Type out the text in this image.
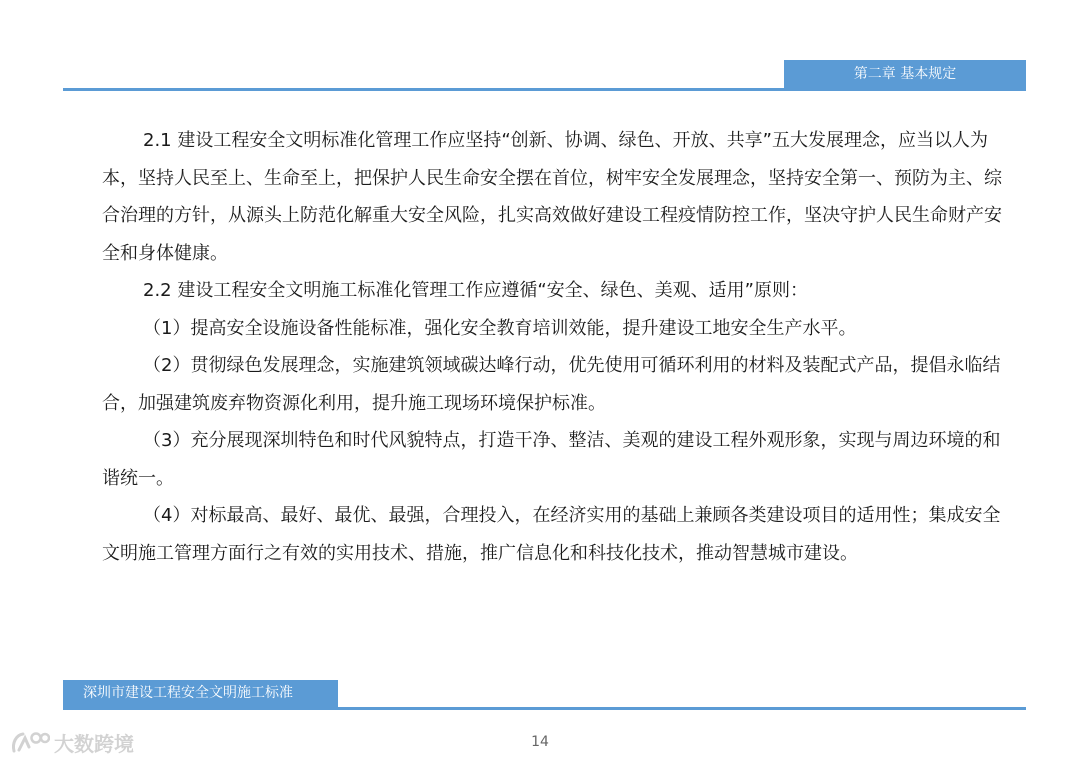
第二章 基本规定

2.1 建设工程安全文明标准化管理工作应坚持“创新、协调、绿色、开放、共享”五大发展理念，应当以人为本，坚持人民至上、生命至上，把保护人民生命安全摆在首位，树牢安全发展理念，坚持安全第一、预防为主、综合治理的方针，从源头上防范化解重大安全风险，扎实高效做好建设工程疫情防控工作，坚决守护人民生命财产安全和身体健康。

2.2 建设工程安全文明施工标准化管理工作应遵循“安全、绿色、美观、适用”原则：

（1）提高安全设施设备性能标准，强化安全教育培训效能，提升建设工地安全生产水平。

（2）贯彻绿色发展理念，实施建筑领域碳达峰行动，优先使用可循环利用的材料及装配式产品，提倡永临结合，加强建筑废弃物资源化利用，提升施工现场环境保护标准。

（3）充分展现深圳特色和时代风貌特点，打造干净、整洁、美观的建设工程外观形象，实现与周边环境的和谐统一。

（4）对标最高、最好、最优、最强，合理投入，在经济实用的基础上兼顾各类建设项目的适用性；集成安全文明施工管理方面行之有效的实用技术、措施，推广信息化和科技化技术，推动智慧城市建设。

深圳市建设工程安全文明施工标准
14
大数跨境
